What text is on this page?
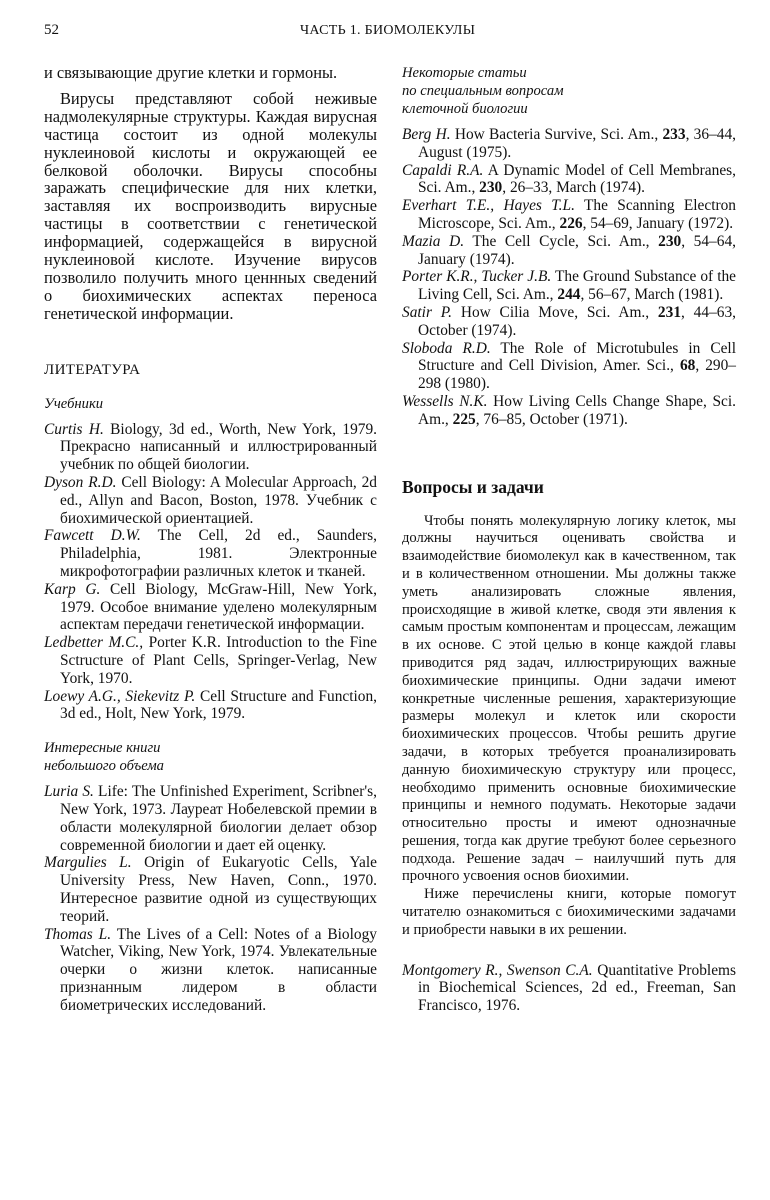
52	ЧАСТЬ 1. БИОМОЛЕКУЛЫ

и связывающие другие клетки и гормоны.

Вирусы представляют собой неживые надмолекулярные структуры. Каждая вирусная частица состоит из одной молекулы нуклеиновой кислоты и окружающей ее белковой оболочки. Вирусы способны заражать специфические для них клетки, заставляя их воспроизводить вирусные частицы в соответствии с генетической информацией, содержащейся в вирусной нуклеиновой кислоте. Изучение вирусов позволило получить много ценнных сведений о биохимических аспектах переноса генетической информации.

ЛИТЕРАТУРА
Учебники
Curtis H. Biology, 3d ed., Worth, New York, 1979. Прекрасно написанный и иллюстрированный учебник по общей биологии.
Dyson R.D. Cell Biology: A Molecular Approach, 2d ed., Allyn and Bacon, Boston, 1978. Учебник с биохимической ориентацией.
Fawcett D.W. The Cell, 2d ed., Saunders, Philadelphia, 1981. Электронные микрофотографии различных клеток и тканей.
Karp G. Cell Biology, McGraw-Hill, New York, 1979. Особое внимание уделено молекулярным аспектам передачи генетической информации.
Ledbetter M.C., Porter K.R. Introduction to the Fine Sctructure of Plant Cells, Springer-Verlag, New York, 1970.
Loewy A.G., Siekevitz P. Cell Structure and Function, 3d ed., Holt, New York, 1979.
Интересные книги
небольшого объема
Luria S. Life: The Unfinished Experiment, Scribner's, New York, 1973. Лауреат Нобелевской премии в области молекулярной биологии делает обзор современной биологии и дает ей оценку.
Margulies L. Origin of Eukaryotic Cells, Yale University Press, New Haven, Conn., 1970. Интересное развитие одной из существующих теорий.
Thomas L. The Lives of a Cell: Notes of a Biology Watcher, Viking, New York, 1974. Увлекательные очерки о жизни клеток. написанные признанным лидером в области биометрических исследований.
Некоторые статьи
по специальным вопросам
клеточной биологии
Berg H. How Bacteria Survive, Sci. Am., 233, 36–44, August (1975).
Capaldi R.A. A Dynamic Model of Cell Membranes, Sci. Am., 230, 26–33, March (1974).
Everhart T.E., Hayes T.L. The Scanning Electron Microscope, Sci. Am., 226, 54–69, January (1972).
Mazia D. The Cell Cycle, Sci. Am., 230, 54–64, January (1974).
Porter K.R., Tucker J.B. The Ground Substance of the Living Cell, Sci. Am., 244, 56–67, March (1981).
Satir P. How Cilia Move, Sci. Am., 231, 44–63, October (1974).
Sloboda R.D. The Role of Microtubules in Cell Structure and Cell Division, Amer. Sci., 68, 290–298 (1980).
Wessells N.K. How Living Cells Change Shape, Sci. Am., 225, 76–85, October (1971).
Вопросы и задачи

Чтобы понять молекулярную логику клеток, мы должны научиться оценивать свойства и взаимодействие биомолекул как в качественном, так и в количественном отношении. Мы должны также уметь анализировать сложные явления, происходящие в живой клетке, сводя эти явления к самым простым компонентам и процессам, лежащим в их основе. С этой целью в конце каждой главы приводится ряд задач, иллюстрирующих важные биохимические принципы. Одни задачи имеют конкретные численные решения, характеризующие размеры молекул и клеток или скорости биохимических процессов. Чтобы решить другие задачи, в которых требуется проанализировать данную биохимическую структуру или процесс, необходимо применить основные биохимические принципы и немного подумать. Некоторые задачи относительно просты и имеют однозначные решения, тогда как другие требуют более серьезного подхода. Решение задач – наилучший путь для прочного усвоения основ биохимии.

Ниже перечислены книги, которые помогут читателю ознакомиться с биохимическими задачами и приобрести навыки в их решении.

Montgomery R., Swenson C.A. Quantitative Problems in Biochemical Sciences, 2d ed., Freeman, San Francisco, 1976.
